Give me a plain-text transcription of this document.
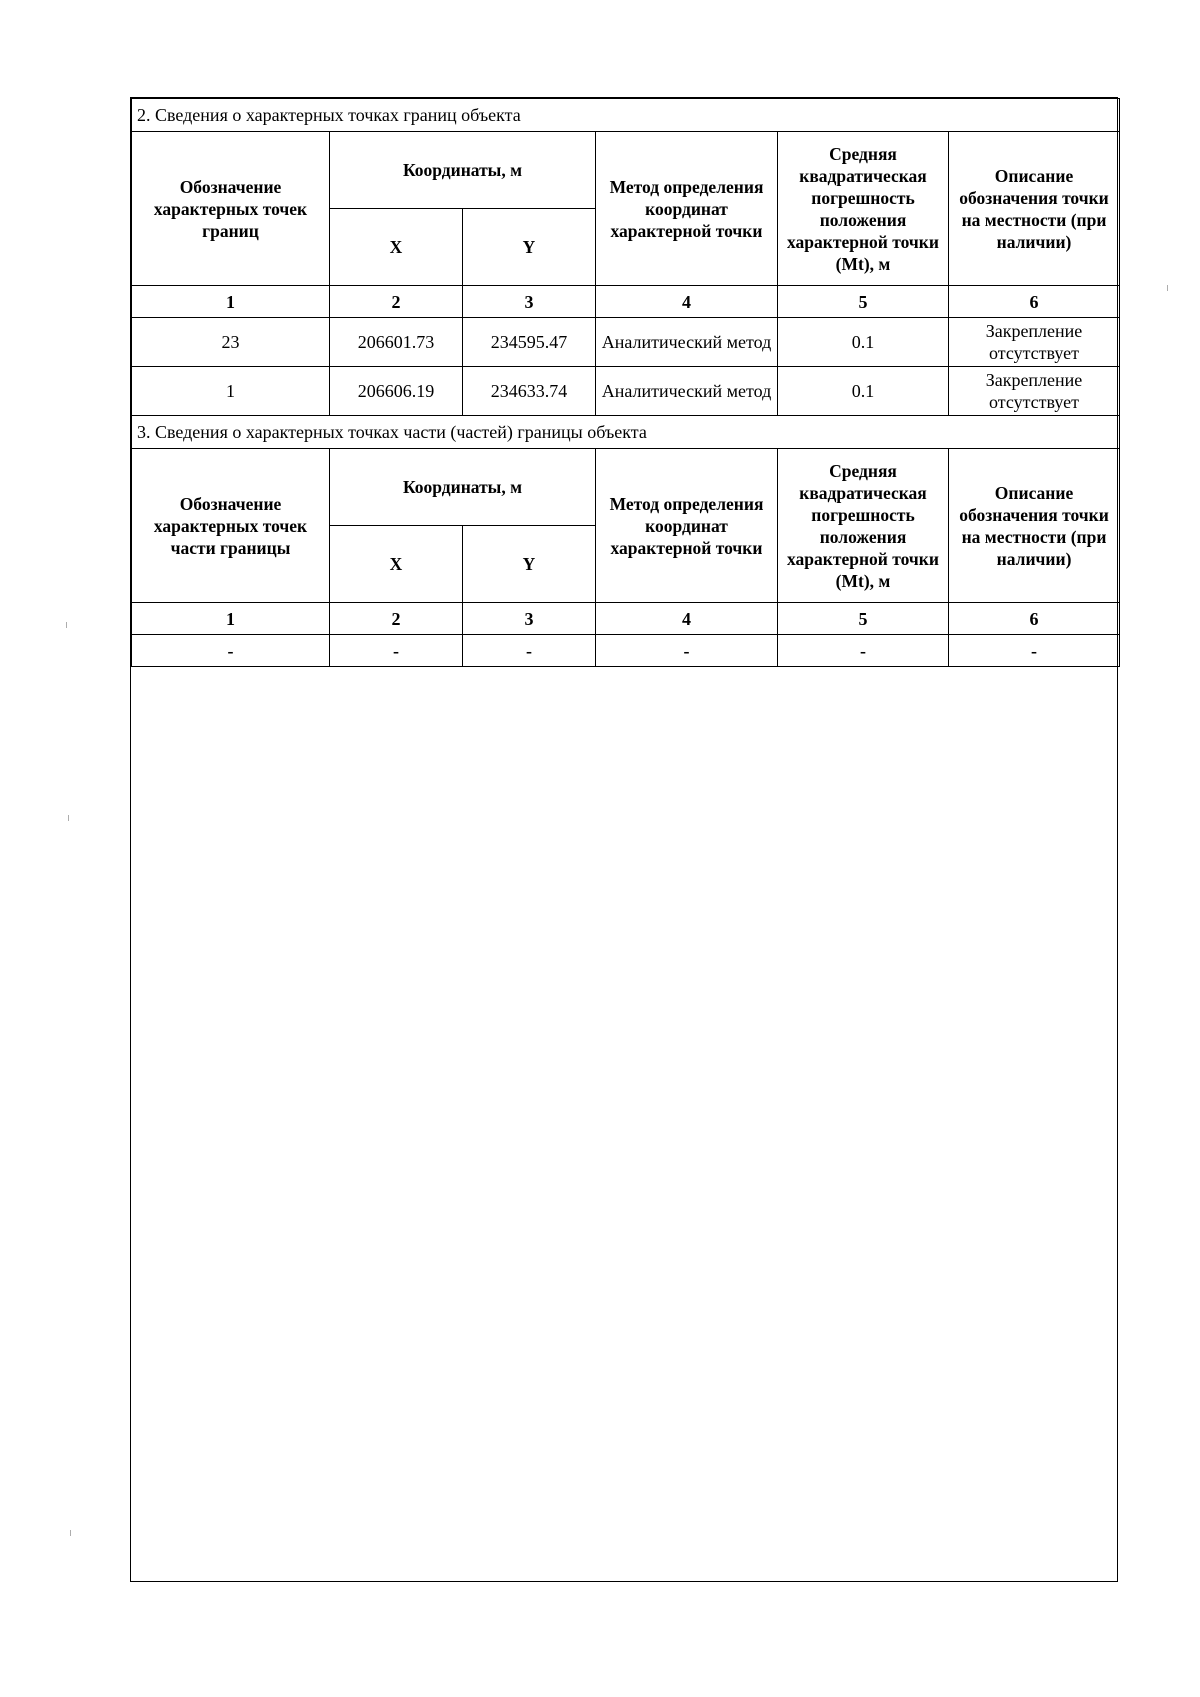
2. Сведения о характерных точках границ объекта					
Обозначение характерных точек границ	Координаты, м		Метод определения координат характерной точки	Средняя квадратическая погрешность положения характерной точки (Mt), м	Описание обозначения точки на местности (при наличии)
	X	Y			
1	2	3	4	5	6
23	206601.73	234595.47	Аналитический метод	0.1	Закрепление отсутствует
1	206606.19	234633.74	Аналитический метод	0.1	Закрепление отсутствует
3. Сведения о характерных точках части (частей) границы объекта					
Обозначение характерных точек части границы	Координаты, м		Метод определения координат характерной точки	Средняя квадратическая погрешность положения характерной точки (Mt), м	Описание обозначения точки на местности (при наличии)
	X	Y			
1	2	3	4	5	6
-	-	-	-	-	-
